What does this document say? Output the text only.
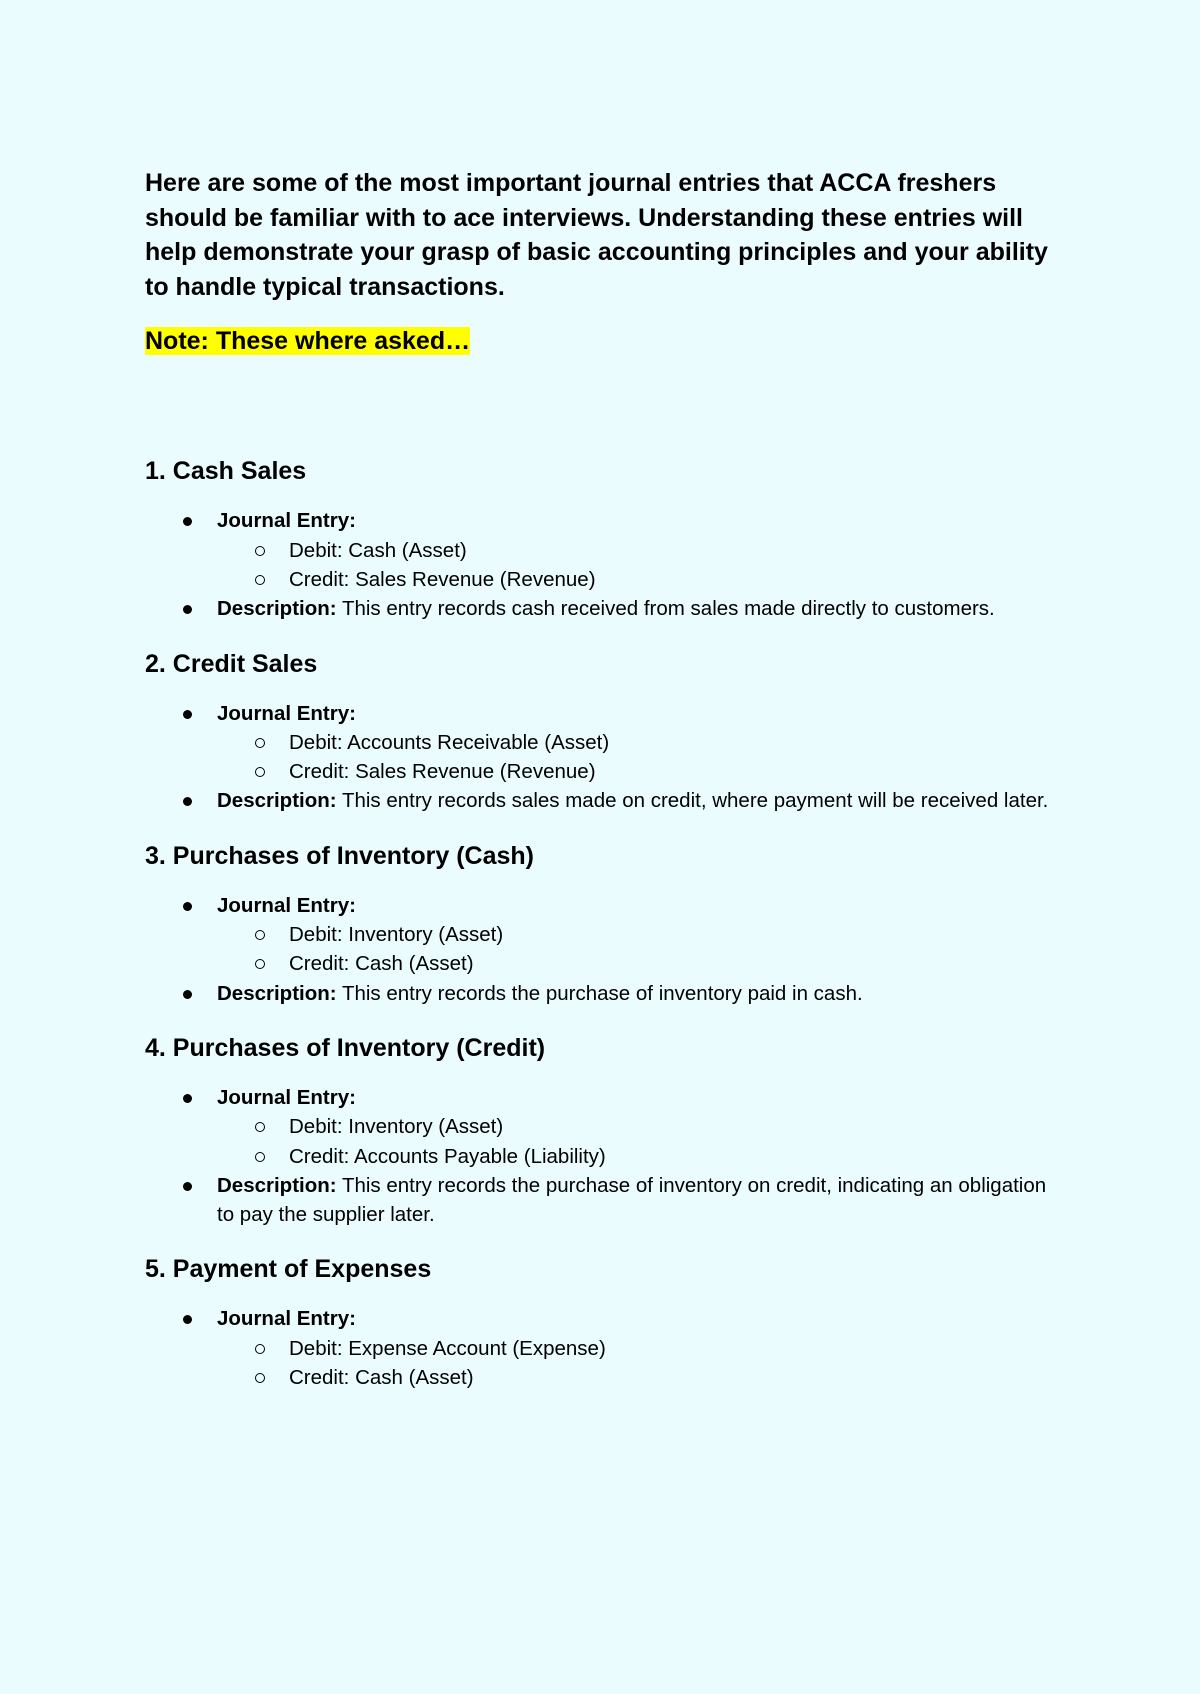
Here are some of the most important journal entries that ACCA freshers should be familiar with to ace interviews. Understanding these entries will help demonstrate your grasp of basic accounting principles and your ability to handle typical transactions.

Note: These where asked…

1. Cash Sales
Journal Entry:
Debit: Cash (Asset)
Credit: Sales Revenue (Revenue)
Description: This entry records cash received from sales made directly to customers.
2. Credit Sales
Journal Entry:
Debit: Accounts Receivable (Asset)
Credit: Sales Revenue (Revenue)
Description: This entry records sales made on credit, where payment will be received later.
3. Purchases of Inventory (Cash)
Journal Entry:
Debit: Inventory (Asset)
Credit: Cash (Asset)
Description: This entry records the purchase of inventory paid in cash.
4. Purchases of Inventory (Credit)
Journal Entry:
Debit: Inventory (Asset)
Credit: Accounts Payable (Liability)
Description: This entry records the purchase of inventory on credit, indicating an obligation to pay the supplier later.
5. Payment of Expenses
Journal Entry:
Debit: Expense Account (Expense)
Credit: Cash (Asset)
